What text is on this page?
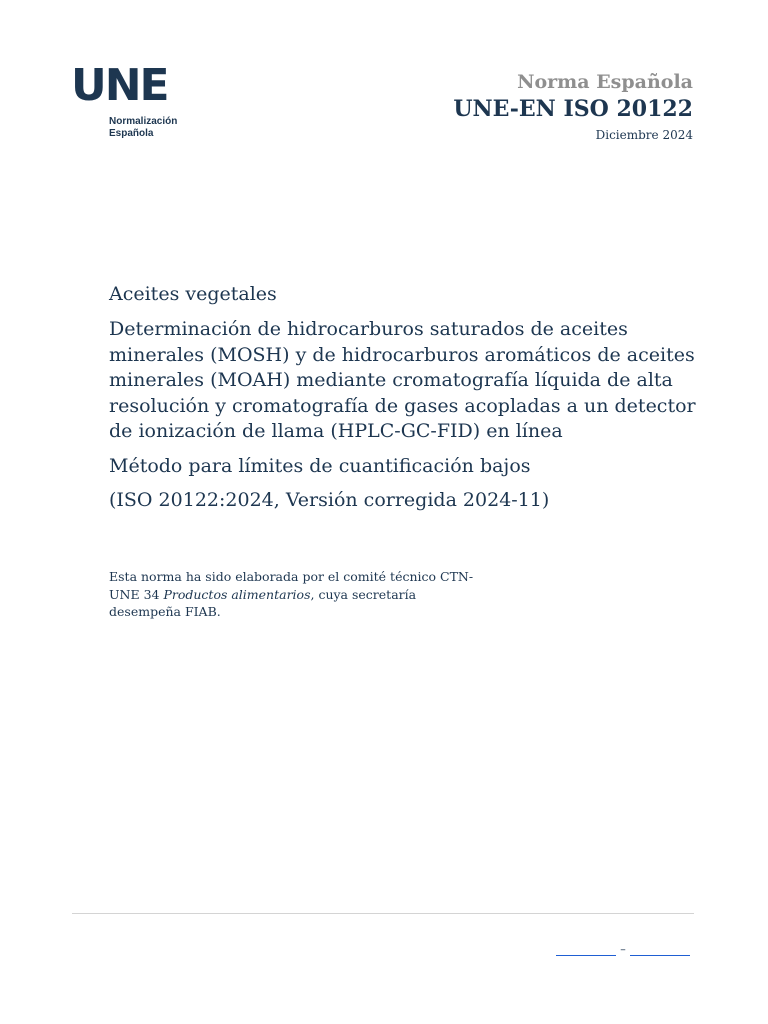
UNE
Normalización
Española
Norma Española
UNE-EN ISO 20122
Diciembre 2024

Aceites vegetales

Determinación de hidrocarburos saturados de aceites minerales (MOSH) y de hidrocarburos aromáticos de aceites minerales (MOAH) mediante cromatografía líquida de alta resolución y cromatografía de gases acopladas a un detector de ionización de llama (HPLC-GC-FID) en línea

Método para límites de cuantificación bajos

(ISO 20122:2024, Versión corregida 2024-11)

Esta norma ha sido elaborada por el comité técnico CTN-UNE 34 Productos alimentarios, cuya secretaría desempeña FIAB.
–
